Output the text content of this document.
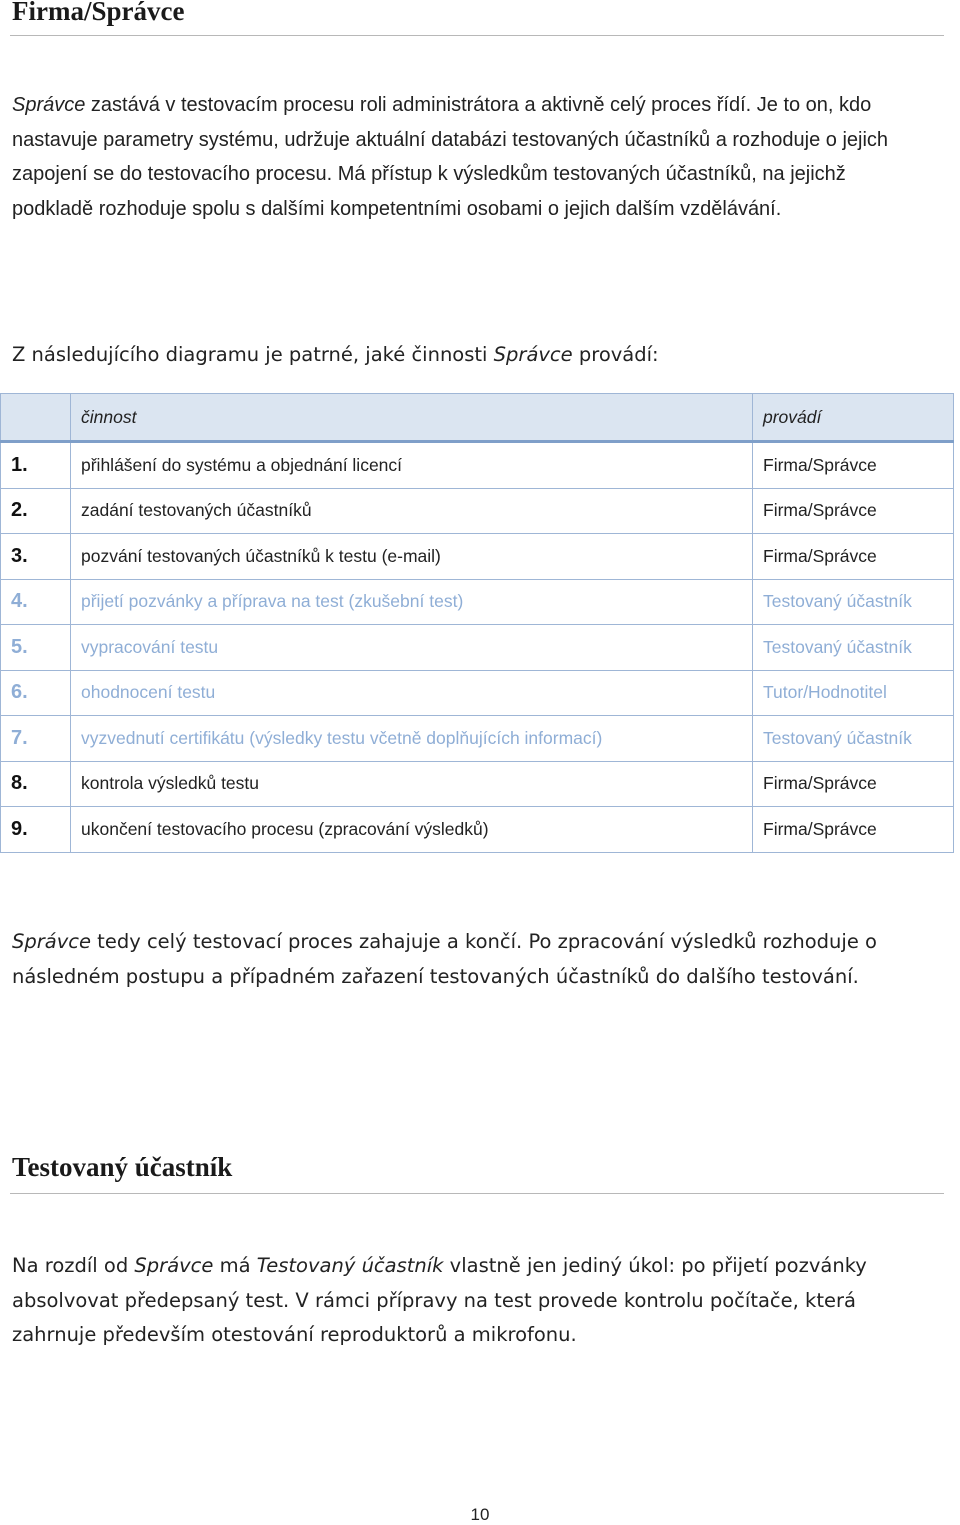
Firma/Správce

Správce zastává v testovacím procesu roli administrátora a aktivně celý proces řídí. Je to on, kdo nastavuje parametry systému, udržuje aktuální databázi testovaných účastníků a rozhoduje o jejich zapojení se do testovacího procesu. Má přístup k výsledkům testovaných účastníků, na jejichž podkladě rozhoduje spolu s dalšími kompetentními osobami o jejich dalším vzdělávání.

Z následujícího diagramu je patrné, jaké činnosti Správce provádí:

	činnost	provádí
1.	přihlášení do systému a objednání licencí	Firma/Správce
2.	zadání testovaných účastníků	Firma/Správce
3.	pozvání testovaných účastníků k testu (e-mail)	Firma/Správce
4.	přijetí pozvánky a příprava na test (zkušební test)	Testovaný účastník
5.	vypracování testu	Testovaný účastník
6.	ohodnocení testu	Tutor/Hodnotitel
7.	vyzvednutí certifikátu (výsledky testu včetně doplňujících informací)	Testovaný účastník
8.	kontrola výsledků testu	Firma/Správce
9.	ukončení testovacího procesu (zpracování výsledků)	Firma/Správce

Správce tedy celý testovací proces zahajuje a končí. Po zpracování výsledků rozhoduje o následném postupu a případném zařazení testovaných účastníků do dalšího testování.

Testovaný účastník

Na rozdíl od Správce má Testovaný účastník vlastně jen jediný úkol: po přijetí pozvánky absolvovat předepsaný test. V rámci přípravy na test provede kontrolu počítače, která zahrnuje především otestování reproduktorů a mikrofonu.

10
